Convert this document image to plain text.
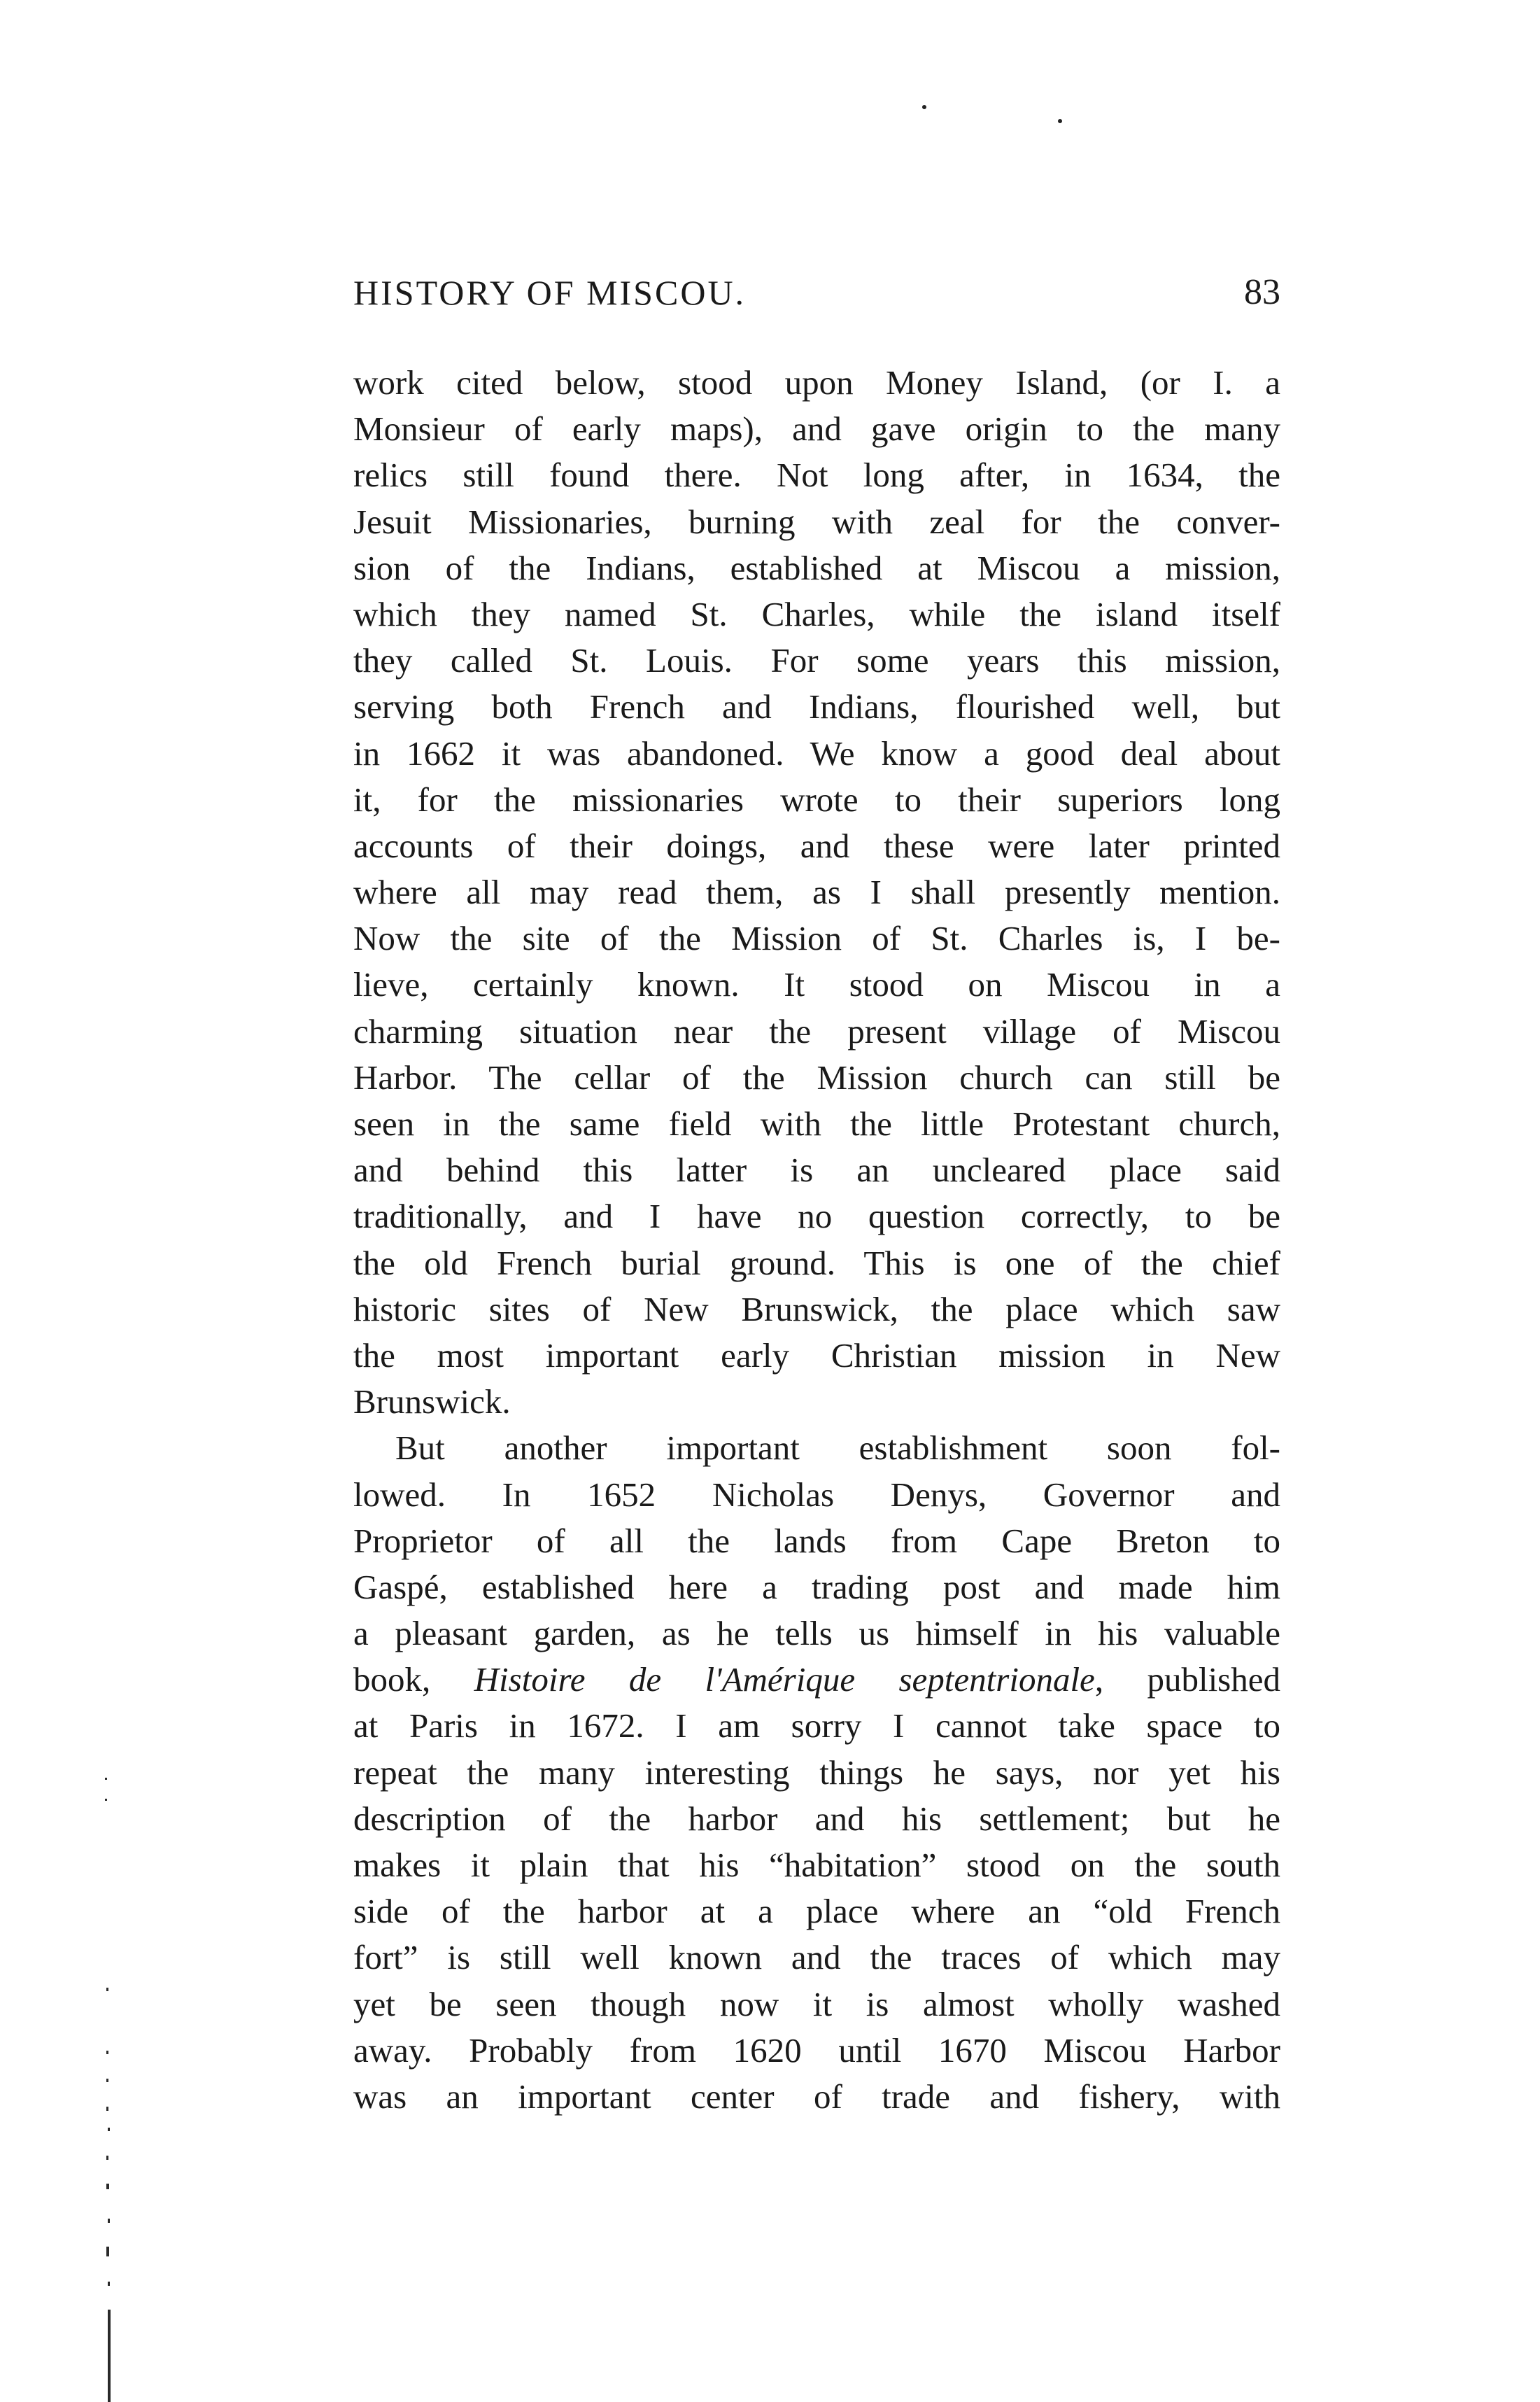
HISTORY OF MISCOU.	83
work cited below, stood upon Money Island, (or I. a
Monsieur of early maps), and gave origin to the many
relics still found there. Not long after, in 1634, the
Jesuit Missionaries, burning with zeal for the conver-
sion of the Indians, established at Miscou a mission,
which they named St. Charles, while the island itself
they called St. Louis. For some years this mission,
serving both French and Indians, flourished well, but
in 1662 it was abandoned. We know a good deal about
it, for the missionaries wrote to their superiors long
accounts of their doings, and these were later printed
where all may read them, as I shall presently mention.
Now the site of the Mission of St. Charles is, I be-
lieve, certainly known. It stood on Miscou in a
charming situation near the present village of Miscou
Harbor. The cellar of the Mission church can still be
seen in the same field with the little Protestant church,
and behind this latter is an uncleared place said
traditionally, and I have no question correctly, to be
the old French burial ground. This is one of the chief
historic sites of New Brunswick, the place which saw
the most important early Christian mission in New
Brunswick.
But another important establishment soon fol-
lowed. In 1652 Nicholas Denys, Governor and
Proprietor of all the lands from Cape Breton to
Gaspé, established here a trading post and made him
a pleasant garden, as he tells us himself in his valuable
book, Histoire de l'Amérique septentrionale, published
at Paris in 1672. I am sorry I cannot take space to
repeat the many interesting things he says, nor yet his
description of the harbor and his settlement; but he
makes it plain that his “habitation” stood on the south
side of the harbor at a place where an “old French
fort” is still well known and the traces of which may
yet be seen though now it is almost wholly washed
away. Probably from 1620 until 1670 Miscou Harbor
was an important center of trade and fishery, with
